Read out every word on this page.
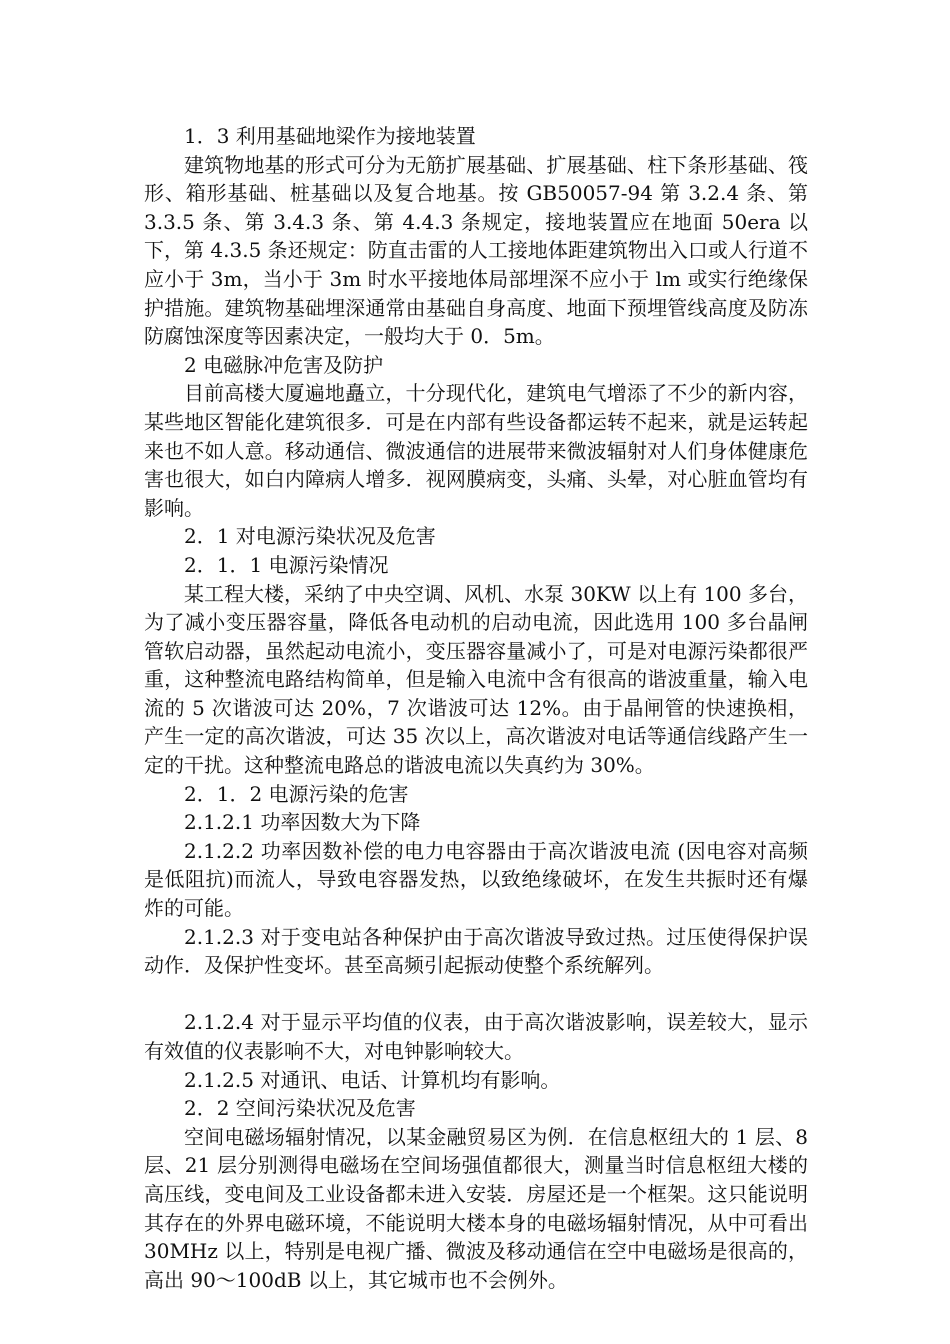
1．3 利用基础地梁作为接地装置

建筑物地基的形式可分为无筋扩展基础、扩展基础、柱下条形基础、筏形、箱形基础、桩基础以及复合地基。按 GB50057-94 第 3.2.4 条、第 3.3.5 条、第 3.4.3 条、第 4.4.3 条规定，接地装置应在地面 50era 以下，第 4.3.5 条还规定：防直击雷的人工接地体距建筑物出入口或人行道不应小于 3m，当小于 3m 时水平接地体局部埋深不应小于 lm 或实行绝缘保护措施。建筑物基础埋深通常由基础自身高度、地面下预埋管线高度及防冻防腐蚀深度等因素决定，一般均大于 0．5m。

2 电磁脉冲危害及防护

目前高楼大厦遍地矗立，十分现代化，建筑电气增添了不少的新内容，某些地区智能化建筑很多．可是在内部有些设备都运转不起来，就是运转起来也不如人意。移动通信、微波通信的进展带来微波辐射对人们身体健康危害也很大，如白内障病人增多．视网膜病变，头痛、头晕，对心脏血管均有影响。

2．1 对电源污染状况及危害

2．1．1 电源污染情况

某工程大楼，采纳了中央空调、风机、水泵 30KW 以上有 100 多台，为了减小变压器容量，降低各电动机的启动电流，因此选用 100 多台晶闸管软启动器，虽然起动电流小，变压器容量减小了，可是对电源污染都很严重，这种整流电路结构简单，但是输入电流中含有很高的谐波重量，输入电流的 5 次谐波可达 20%，7 次谐波可达 12%。由于晶闸管的快速换相，产生一定的高次谐波，可达 35 次以上，高次谐波对电话等通信线路产生一定的干扰。这种整流电路总的谐波电流以失真约为 30%。

2．1．2 电源污染的危害

2.1.2.1 功率因数大为下降

2.1.2.2 功率因数补偿的电力电容器由于高次谐波电流 (因电容对高频是低阻抗)而流人，导致电容器发热，以致绝缘破坏，在发生共振时还有爆炸的可能。

2.1.2.3 对于变电站各种保护由于高次谐波导致过热。过压使得保护误动作．及保护性变坏。甚至高频引起振动使整个系统解列。

2.1.2.4 对于显示平均值的仪表，由于高次谐波影响，误差较大，显示有效值的仪表影响不大，对电钟影响较大。

2.1.2.5 对通讯、电话、计算机均有影响。

2．2 空间污染状况及危害

空间电磁场辐射情况，以某金融贸易区为例．在信息枢纽大的 1 层、8 层、21 层分别测得电磁场在空间场强值都很大，测量当时信息枢纽大楼的高压线，变电间及工业设备都未进入安装．房屋还是一个框架。这只能说明其存在的外界电磁环境，不能说明大楼本身的电磁场辐射情况，从中可看出 30MHz 以上，特别是电视广播、微波及移动通信在空中电磁场是很高的，高出 90～100dB 以上，其它城市也不会例外。
